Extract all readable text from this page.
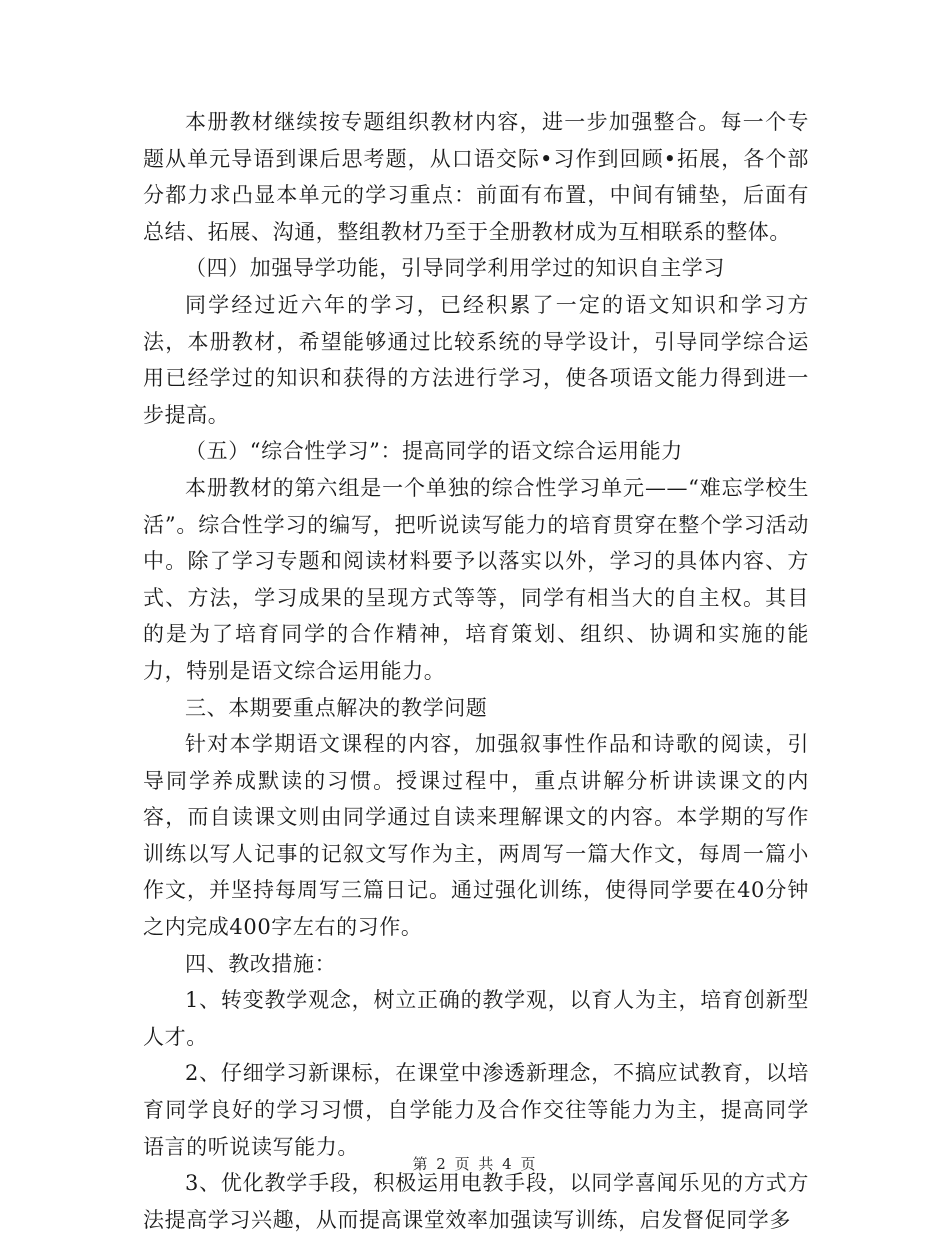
本册教材继续按专题组织教材内容，进一步加强整合。每一个专题从单元导语到课后思考题，从口语交际•习作到回顾•拓展，各个部分都力求凸显本单元的学习重点：前面有布置，中间有铺垫，后面有总结、拓展、沟通，整组教材乃至于全册教材成为互相联系的整体。

（四）加强导学功能，引导同学利用学过的知识自主学习

同学经过近六年的学习，已经积累了一定的语文知识和学习方法，本册教材，希望能够通过比较系统的导学设计，引导同学综合运用已经学过的知识和获得的方法进行学习，使各项语文能力得到进一步提高。

（五）“综合性学习”：提高同学的语文综合运用能力

本册教材的第六组是一个单独的综合性学习单元——“难忘学校生活”。综合性学习的编写，把听说读写能力的培育贯穿在整个学习活动中。除了学习专题和阅读材料要予以落实以外，学习的具体内容、方式、方法，学习成果的呈现方式等等，同学有相当大的自主权。其目的是为了培育同学的合作精神，培育策划、组织、协调和实施的能力，特别是语文综合运用能力。

三、本期要重点解决的教学问题

针对本学期语文课程的内容，加强叙事性作品和诗歌的阅读，引导同学养成默读的习惯。授课过程中，重点讲解分析讲读课文的内容，而自读课文则由同学通过自读来理解课文的内容。本学期的写作训练以写人记事的记叙文写作为主，两周写一篇大作文，每周一篇小作文，并坚持每周写三篇日记。通过强化训练，使得同学要在40分钟之内完成400字左右的习作。

四、教改措施：

1、转变教学观念，树立正确的教学观，以育人为主，培育创新型人才。

2、仔细学习新课标，在课堂中渗透新理念，不搞应试教育，以培育同学良好的学习习惯，自学能力及合作交往等能力为主，提高同学语言的听说读写能力。

3、优化教学手段，积极运用电教手段，以同学喜闻乐见的方式方法提高学习兴趣，从而提高课堂效率加强读写训练，启发督促同学多

第 2 页 共 4 页
